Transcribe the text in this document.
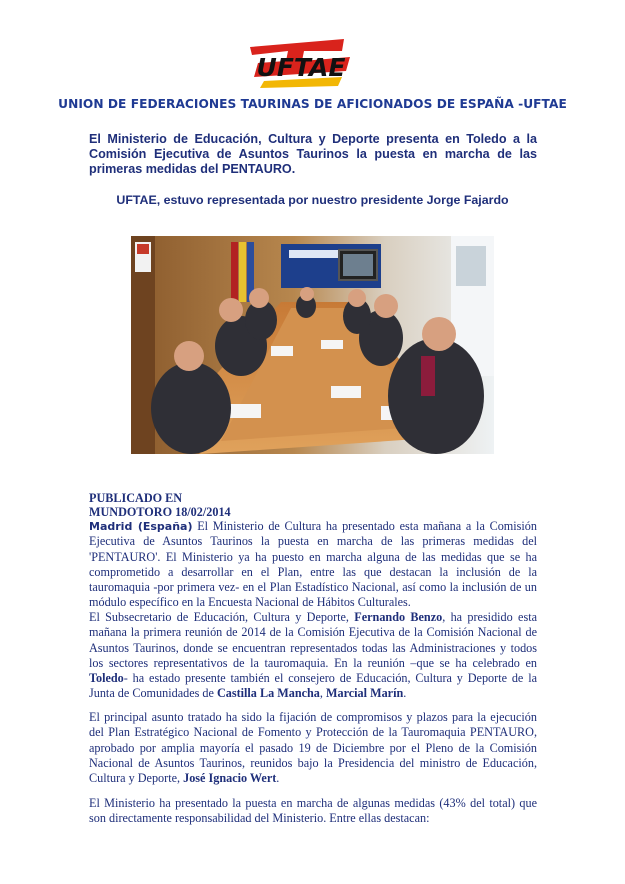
UFTAE
UNION DE FEDERACIONES TAURINAS DE AFICIONADOS DE ESPAÑA -UFTAE
El Ministerio de Educación, Cultura y Deporte presenta en Toledo a la Comisión Ejecutiva de Asuntos Taurinos la puesta en marcha de las primeras medidas del PENTAURO.
UFTAE, estuvo representada por nuestro presidente Jorge Fajardo
PUBLICADO EN
MUNDOTORO 18/02/2014
Madrid (España) El Ministerio de Cultura ha presentado esta mañana a la Comisión Ejecutiva de Asuntos Taurinos la puesta en marcha de las primeras medidas del 'PENTAURO'. El Ministerio ya ha puesto en marcha alguna de las medidas que se ha comprometido a desarrollar en el Plan, entre las que destacan la inclusión de la tauromaquia -por primera vez- en el Plan Estadístico Nacional, así como la inclusión de un módulo específico en la Encuesta Nacional de Hábitos Culturales.
El Subsecretario de Educación, Cultura y Deporte, Fernando Benzo, ha presidido esta mañana la primera reunión de 2014 de la Comisión Ejecutiva de la Comisión Nacional de Asuntos Taurinos, donde se encuentran representados todas las Administraciones y todos los sectores representativos de la tauromaquia. En la reunión –que se ha celebrado en Toledo- ha estado presente también el consejero de Educación, Cultura y Deporte de la Junta de Comunidades de Castilla La Mancha, Marcial Marín.
El principal asunto tratado ha sido la fijación de compromisos y plazos para la ejecución del Plan Estratégico Nacional de Fomento y Protección de la Tauromaquia PENTAURO, aprobado por amplia mayoría el pasado 19 de Diciembre por el Pleno de la Comisión Nacional de Asuntos Taurinos, reunidos bajo la Presidencia del ministro de Educación, Cultura y Deporte, José Ignacio Wert.
El Ministerio ha presentado la puesta en marcha de algunas medidas (43% del total) que son directamente responsabilidad del Ministerio. Entre ellas destacan:
